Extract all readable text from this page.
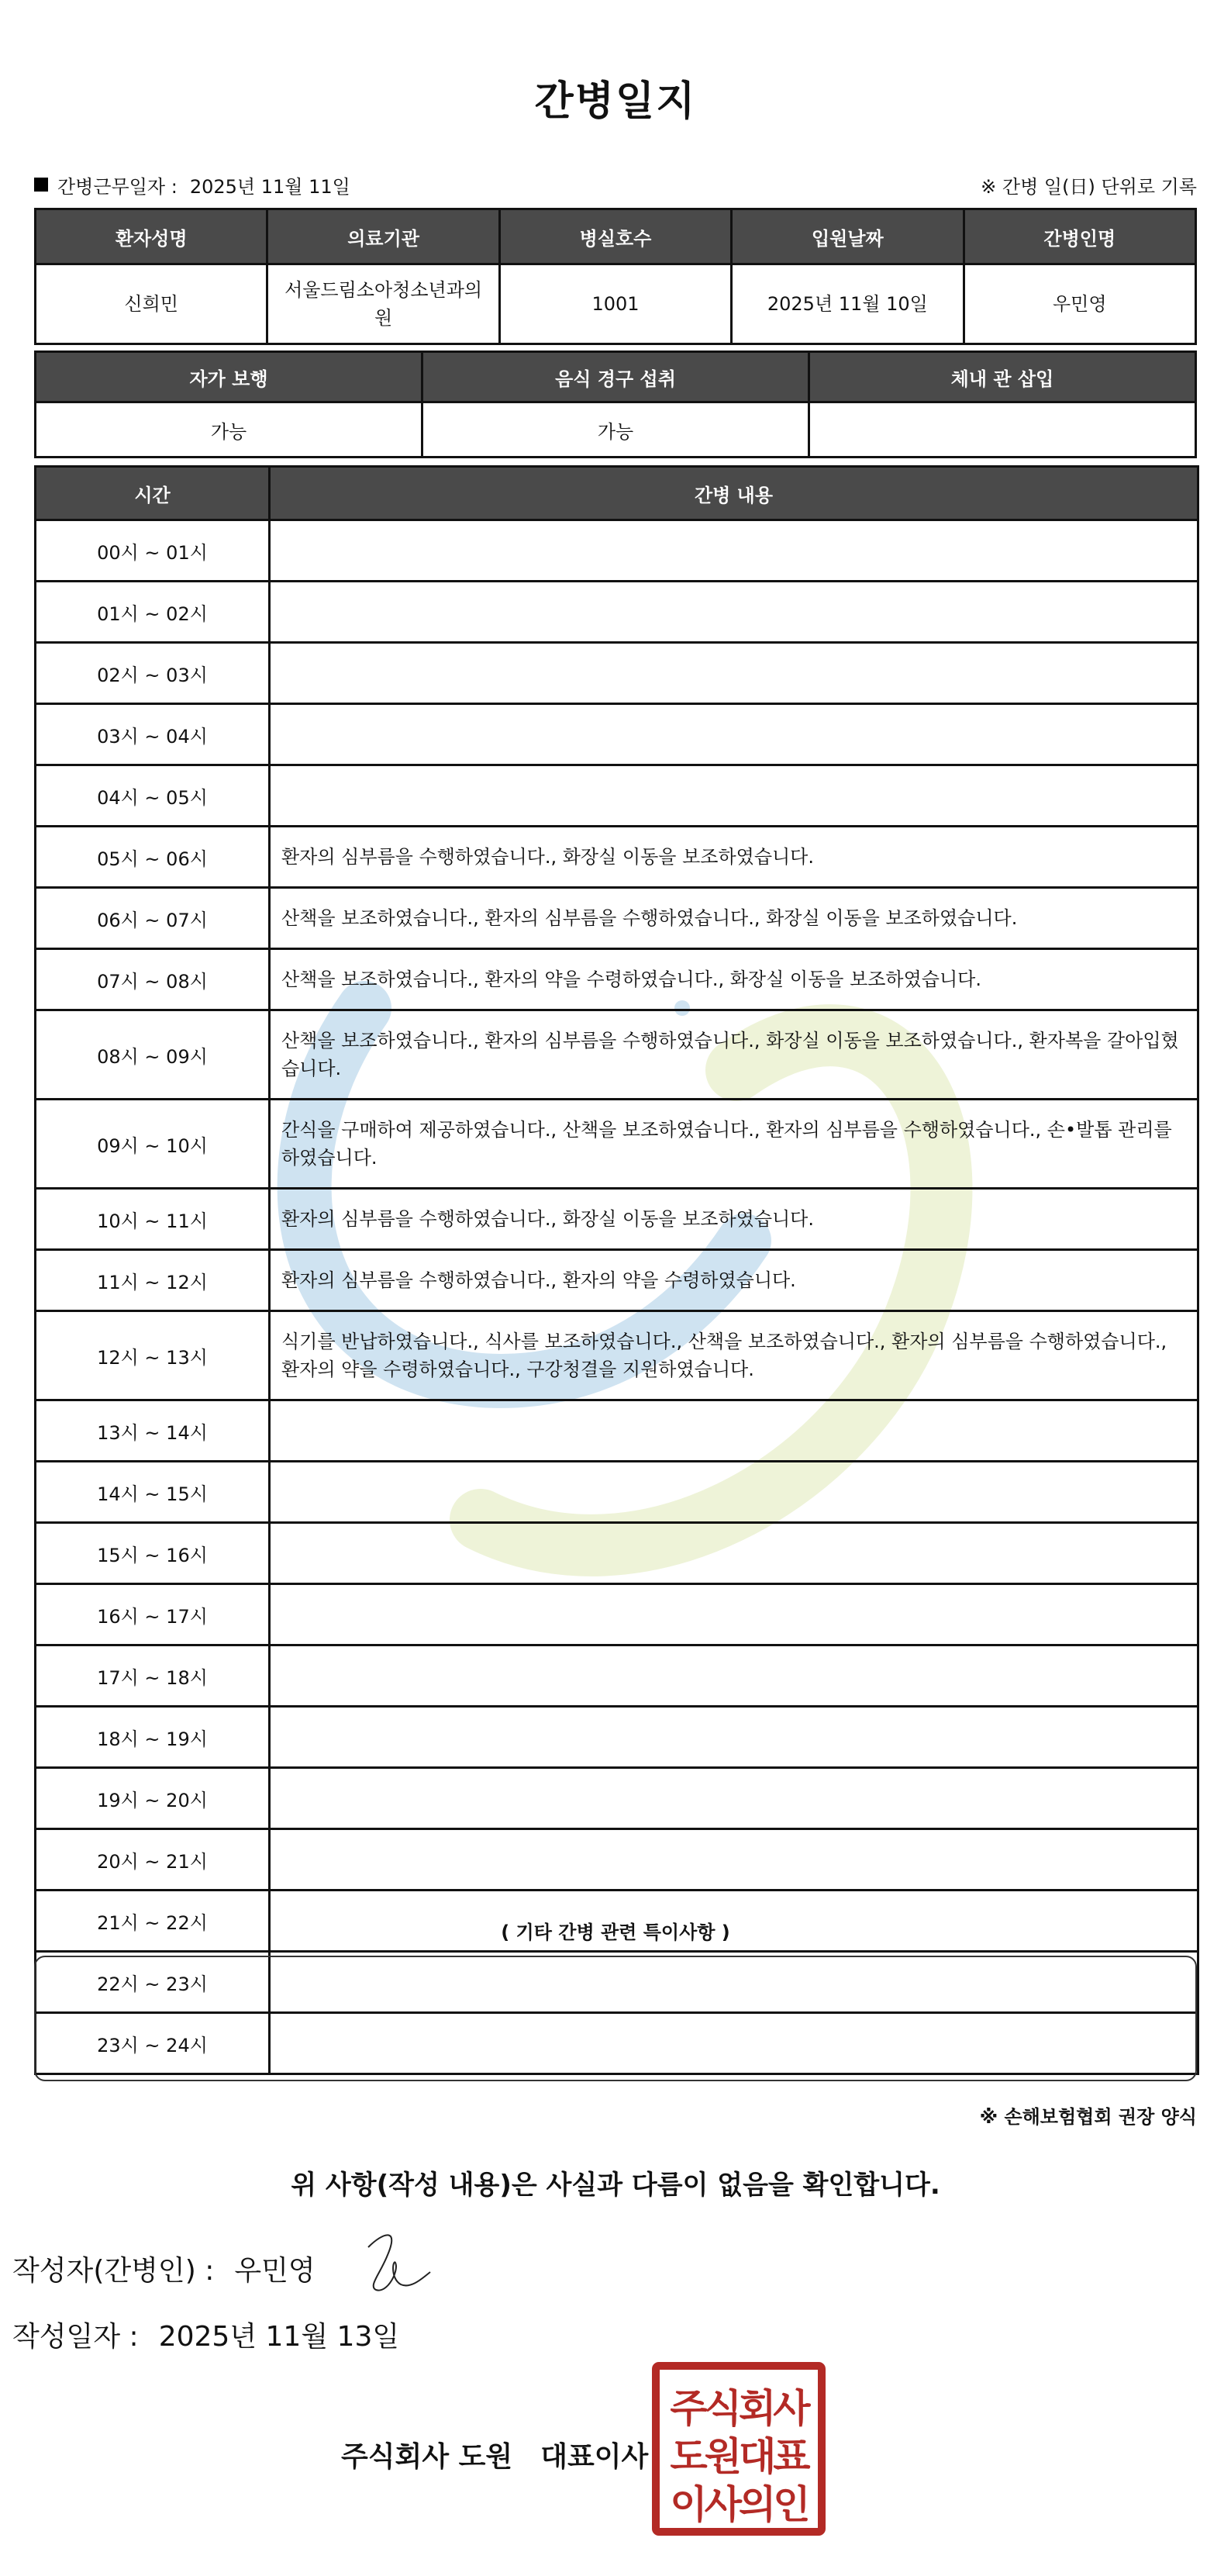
간병일지
간병근무일자 : 2025년 11월 11일	※ 간병 일(日) 단위로 기록
환자성명	의료기관	병실호수	입원날짜	간병인명
신희민	서울드림소아청소년과의원	1001	2025년 11월 10일	우민영
자가 보행	음식 경구 섭취	체내 관 삽입
가능	가능	
시간	간병 내용
00시 ~ 01시	
01시 ~ 02시	
02시 ~ 03시	
03시 ~ 04시	
04시 ~ 05시	
05시 ~ 06시	환자의 심부름을 수행하였습니다., 화장실 이동을 보조하였습니다.
06시 ~ 07시	산책을 보조하였습니다., 환자의 심부름을 수행하였습니다., 화장실 이동을 보조하였습니다.
07시 ~ 08시	산책을 보조하였습니다., 환자의 약을 수령하였습니다., 화장실 이동을 보조하였습니다.
08시 ~ 09시	산책을 보조하였습니다., 환자의 심부름을 수행하였습니다., 화장실 이동을 보조하였습니다., 환자복을 갈아입혔습니다.
09시 ~ 10시	간식을 구매하여 제공하였습니다., 산책을 보조하였습니다., 환자의 심부름을 수행하였습니다., 손•발톱 관리를 하였습니다.
10시 ~ 11시	환자의 심부름을 수행하였습니다., 화장실 이동을 보조하였습니다.
11시 ~ 12시	환자의 심부름을 수행하였습니다., 환자의 약을 수령하였습니다.
12시 ~ 13시	식기를 반납하였습니다., 식사를 보조하였습니다., 산책을 보조하였습니다., 환자의 심부름을 수행하였습니다., 환자의 약을 수령하였습니다., 구강청결을 지원하였습니다.
13시 ~ 14시	
14시 ~ 15시	
15시 ~ 16시	
16시 ~ 17시	
17시 ~ 18시	
18시 ~ 19시	
19시 ~ 20시	
20시 ~ 21시	
21시 ~ 22시	
22시 ~ 23시	
23시 ~ 24시	
( 기타 간병 관련 특이사항 )
※ 손해보험협회 권장 양식
위 사항(작성 내용)은 사실과 다름이 없음을 확인합니다.
작성자(간병인) : 우민영
작성일자 : 2025년 11월 13일
주식회사 도원 대표이사
주식회사
도원대표
이사의인
